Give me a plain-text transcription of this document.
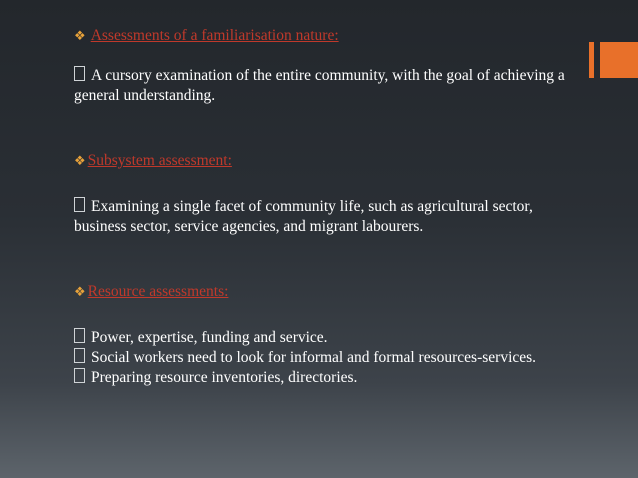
❖ Assessments of a familiarisation nature:

A cursory examination of the entire community, with the goal of achieving a general understanding.

❖ Subsystem assessment:

Examining a single facet of community life, such as agricultural sector, business sector, service agencies, and migrant labourers.

❖ Resource assessments:

Power, expertise, funding and service.

Social workers need to look for informal and formal resources-services.

Preparing resource inventories, directories.
